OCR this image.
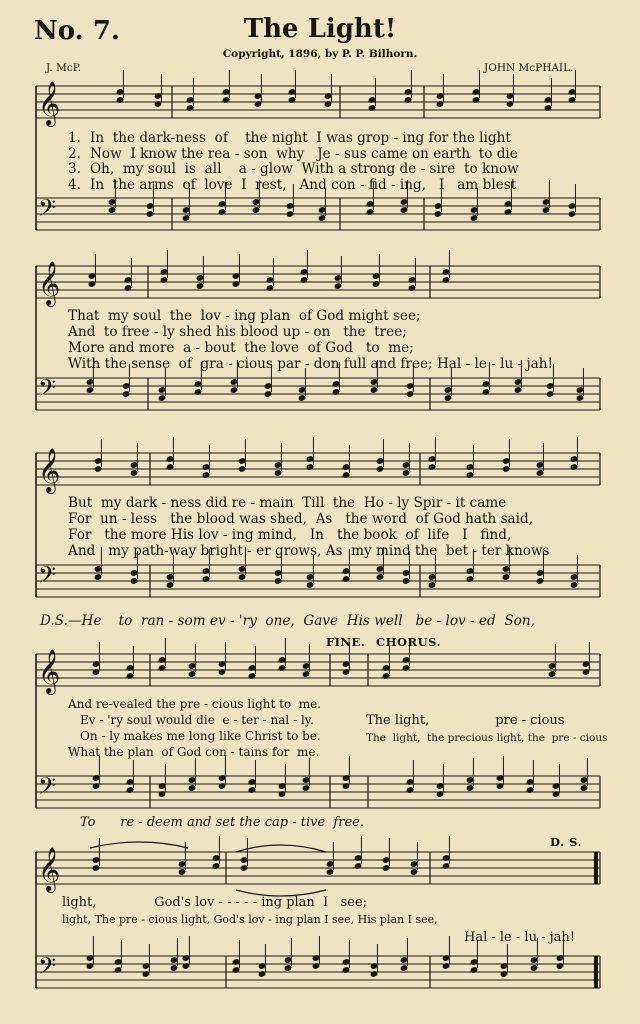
No. 7.	The Light!
Copyright, 1896, by P. P. Bilhorn.
J. McP.	JOHN McPHAIL.
𝄞
𝄢
𝄞
𝄢
𝄞
𝄢
𝄞
𝄢
𝄞
𝄢
1. In  the dark-ness  of    the night  I was grop - ing for the light
2. Now  I know the rea - son  why   Je - sus came on earth  to die
3. Oh,  my soul  is  all    a - glow  With a strong de - sire  to know
4. In  the arms  of  love  I  rest,   And con - fid - ing,   I   am blest
That  my soul  the  lov - ing plan  of God might see;
And  to free - ly shed his blood up - on   the  tree;
More and more  a - bout  the love  of God   to  me;
With the sense  of  gra - cious par - don full and free; Hal - le - lu - jah!
But  my dark - ness did re - main  Till  the  Ho - ly Spir - it came
For  un - less   the blood was shed,  As   the word  of God hath said,
For   the more His lov - ing mind,   In   the book  of  life   I   find,
And   my path-way bright - er grows, As  my mind the  bet - ter knows
D.S.—He    to  ran - som ev - 'ry  one,  Gave  His well   be - lov - ed  Son,
FINE. CHORUS.
And re-vealed the pre - cious light to  me.
Ev - 'ry soul would die  e - ter - nal - ly.
On - ly makes me long like Christ to be.
What the plan  of God con - tains for  me.
The light,                pre - cious
The  light,  the precious light, the  pre - cious
To      re - deem and set the cap - tive  free.
D. S.
light,              God's lov - - - - - ing plan  I   see;
light, The pre - cious light, God's lov - ing plan I see, His plan I see,
Hal - le - lu - jah!
